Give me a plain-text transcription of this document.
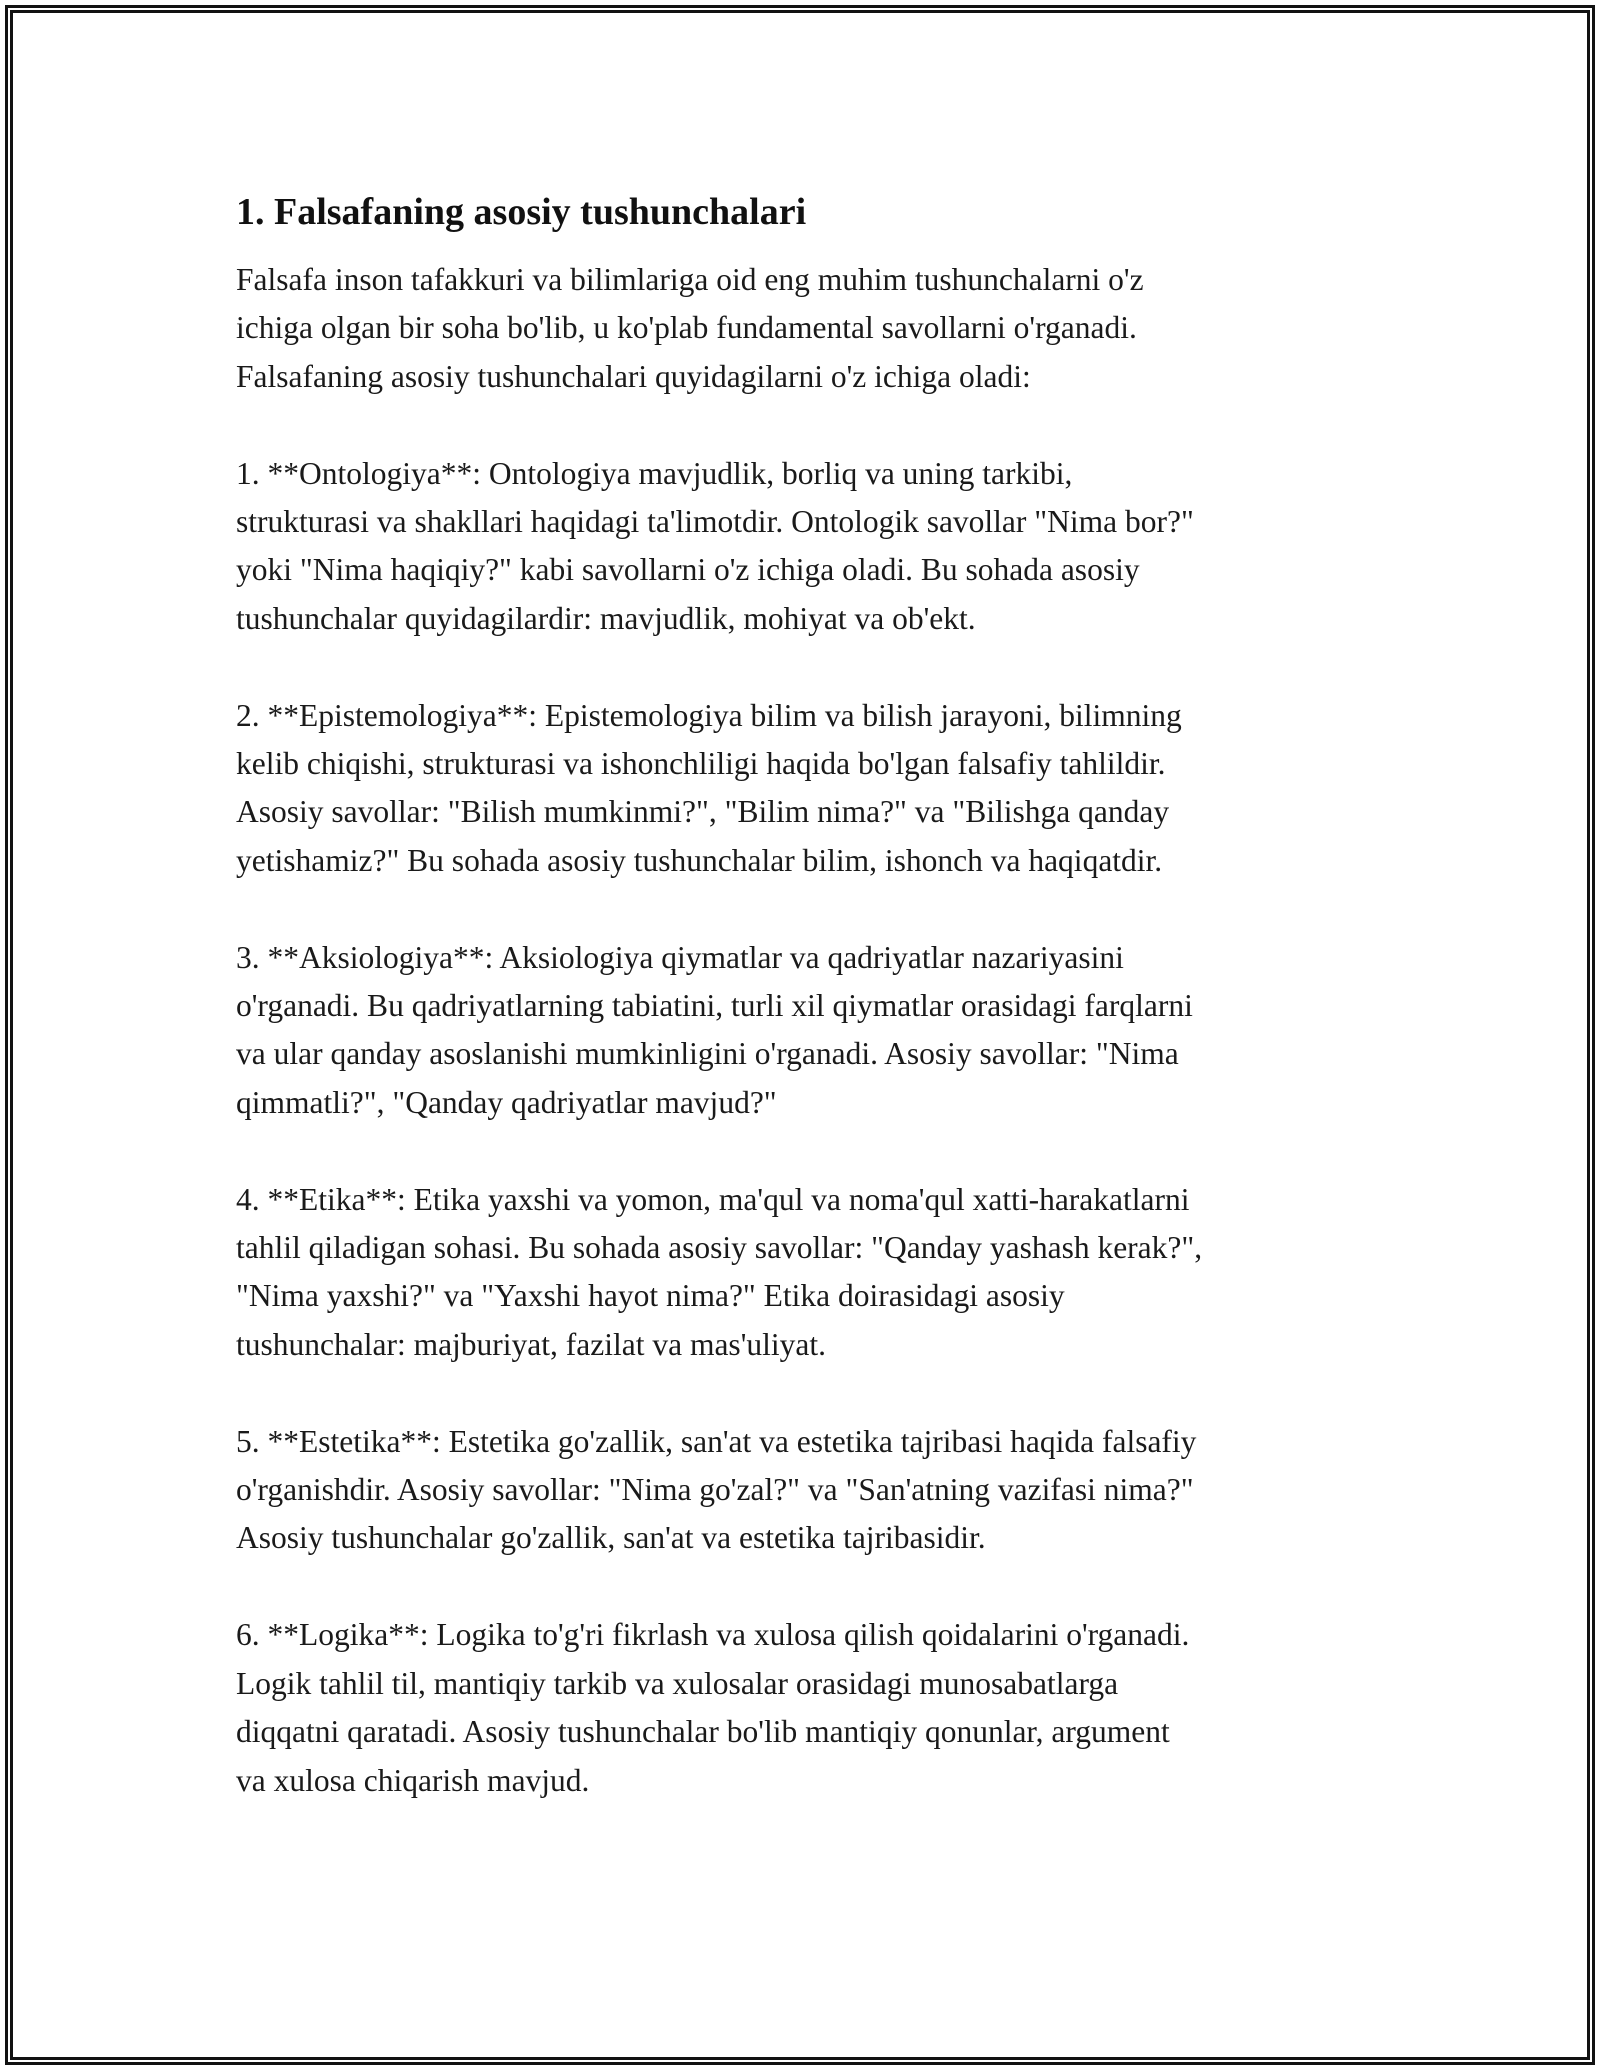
1. Falsafaning asosiy tushunchalari

Falsafa inson tafakkuri va bilimlariga oid eng muhim tushunchalarni o'z
ichiga olgan bir soha bo'lib, u ko'plab fundamental savollarni o'rganadi.
Falsafaning asosiy tushunchalari quyidagilarni o'z ichiga oladi:

1. **Ontologiya**: Ontologiya mavjudlik, borliq va uning tarkibi,
strukturasi va shakllari haqidagi ta'limotdir. Ontologik savollar "Nima bor?"
yoki "Nima haqiqiy?" kabi savollarni o'z ichiga oladi. Bu sohada asosiy
tushunchalar quyidagilardir: mavjudlik, mohiyat va ob'ekt.

2. **Epistemologiya**: Epistemologiya bilim va bilish jarayoni, bilimning
kelib chiqishi, strukturasi va ishonchliligi haqida bo'lgan falsafiy tahlildir.
Asosiy savollar: "Bilish mumkinmi?", "Bilim nima?" va "Bilishga qanday
yetishamiz?" Bu sohada asosiy tushunchalar bilim, ishonch va haqiqatdir.

3. **Aksiologiya**: Aksiologiya qiymatlar va qadriyatlar nazariyasini
o'rganadi. Bu qadriyatlarning tabiatini, turli xil qiymatlar orasidagi farqlarni
va ular qanday asoslanishi mumkinligini o'rganadi. Asosiy savollar: "Nima
qimmatli?", "Qanday qadriyatlar mavjud?"

4. **Etika**: Etika yaxshi va yomon, ma'qul va noma'qul xatti-harakatlarni
tahlil qiladigan sohasi. Bu sohada asosiy savollar: "Qanday yashash kerak?",
"Nima yaxshi?" va "Yaxshi hayot nima?" Etika doirasidagi asosiy
tushunchalar: majburiyat, fazilat va mas'uliyat.

5. **Estetika**: Estetika go'zallik, san'at va estetika tajribasi haqida falsafiy
o'rganishdir. Asosiy savollar: "Nima go'zal?" va "San'atning vazifasi nima?"
Asosiy tushunchalar go'zallik, san'at va estetika tajribasidir.

6. **Logika**: Logika to'g'ri fikrlash va xulosa qilish qoidalarini o'rganadi.
Logik tahlil til, mantiqiy tarkib va xulosalar orasidagi munosabatlarga
diqqatni qaratadi. Asosiy tushunchalar bo'lib mantiqiy qonunlar, argument
va xulosa chiqarish mavjud.
